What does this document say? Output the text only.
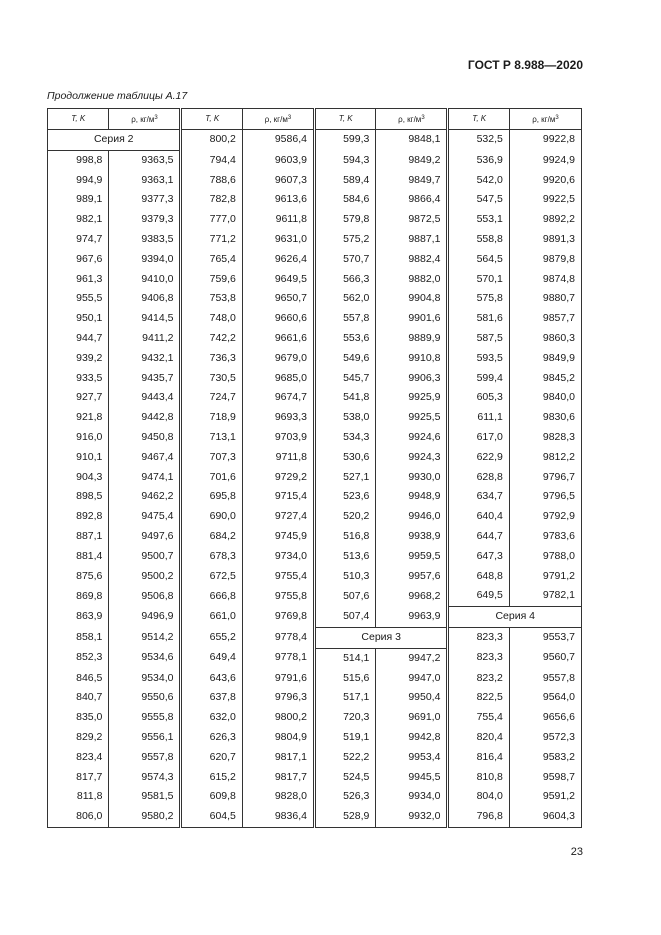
ГОСТ Р 8.988—2020
Продолжение таблицы А.17
T, K	ρ, $кг/м^3$	T, K	ρ, $кг/м^3$	T, K	ρ, $кг/м^3$	T, K	ρ, $кг/м^3$
Серия 2		800,2	9586,4	599,3	9848,1	532,5	9922,8
998,8	9363,5	794,4	9603,9	594,3	9849,2	536,9	9924,9
994,9	9363,1	788,6	9607,3	589,4	9849,7	542,0	9920,6
989,1	9377,3	782,8	9613,6	584,6	9866,4	547,5	9922,5
982,1	9379,3	777,0	9611,8	579,8	9872,5	553,1	9892,2
974,7	9383,5	771,2	9631,0	575,2	9887,1	558,8	9891,3
967,6	9394,0	765,4	9626,4	570,7	9882,4	564,5	9879,8
961,3	9410,0	759,6	9649,5	566,3	9882,0	570,1	9874,8
955,5	9406,8	753,8	9650,7	562,0	9904,8	575,8	9880,7
950,1	9414,5	748,0	9660,6	557,8	9901,6	581,6	9857,7
944,7	9411,2	742,2	9661,6	553,6	9889,9	587,5	9860,3
939,2	9432,1	736,3	9679,0	549,6	9910,8	593,5	9849,9
933,5	9435,7	730,5	9685,0	545,7	9906,3	599,4	9845,2
927,7	9443,4	724,7	9674,7	541,8	9925,9	605,3	9840,0
921,8	9442,8	718,9	9693,3	538,0	9925,5	611,1	9830,6
916,0	9450,8	713,1	9703,9	534,3	9924,6	617,0	9828,3
910,1	9467,4	707,3	9711,8	530,6	9924,3	622,9	9812,2
904,3	9474,1	701,6	9729,2	527,1	9930,0	628,8	9796,7
898,5	9462,2	695,8	9715,4	523,6	9948,9	634,7	9796,5
892,8	9475,4	690,0	9727,4	520,2	9946,0	640,4	9792,9
887,1	9497,6	684,2	9745,9	516,8	9938,9	644,7	9783,6
881,4	9500,7	678,3	9734,0	513,6	9959,5	647,3	9788,0
875,6	9500,2	672,5	9755,4	510,3	9957,6	648,8	9791,2
869,8	9506,8	666,8	9755,8	507,6	9968,2	649,5	9782,1
863,9	9496,9	661,0	9769,8	507,4	9963,9	Серия 4	
858,1	9514,2	655,2	9778,4	Серия 3		823,3	9553,7
852,3	9534,6	649,4	9778,1	514,1	9947,2	823,3	9560,7
846,5	9534,0	643,6	9791,6	515,6	9947,0	823,2	9557,8
840,7	9550,6	637,8	9796,3	517,1	9950,4	822,5	9564,0
835,0	9555,8	632,0	9800,2	720,3	9691,0	755,4	9656,6
829,2	9556,1	626,3	9804,9	519,1	9942,8	820,4	9572,3
823,4	9557,8	620,7	9817,1	522,2	9953,4	816,4	9583,2
817,7	9574,3	615,2	9817,7	524,5	9945,5	810,8	9598,7
811,8	9581,5	609,8	9828,0	526,3	9934,0	804,0	9591,2
806,0	9580,2	604,5	9836,4	528,9	9932,0	796,8	9604,3
23
